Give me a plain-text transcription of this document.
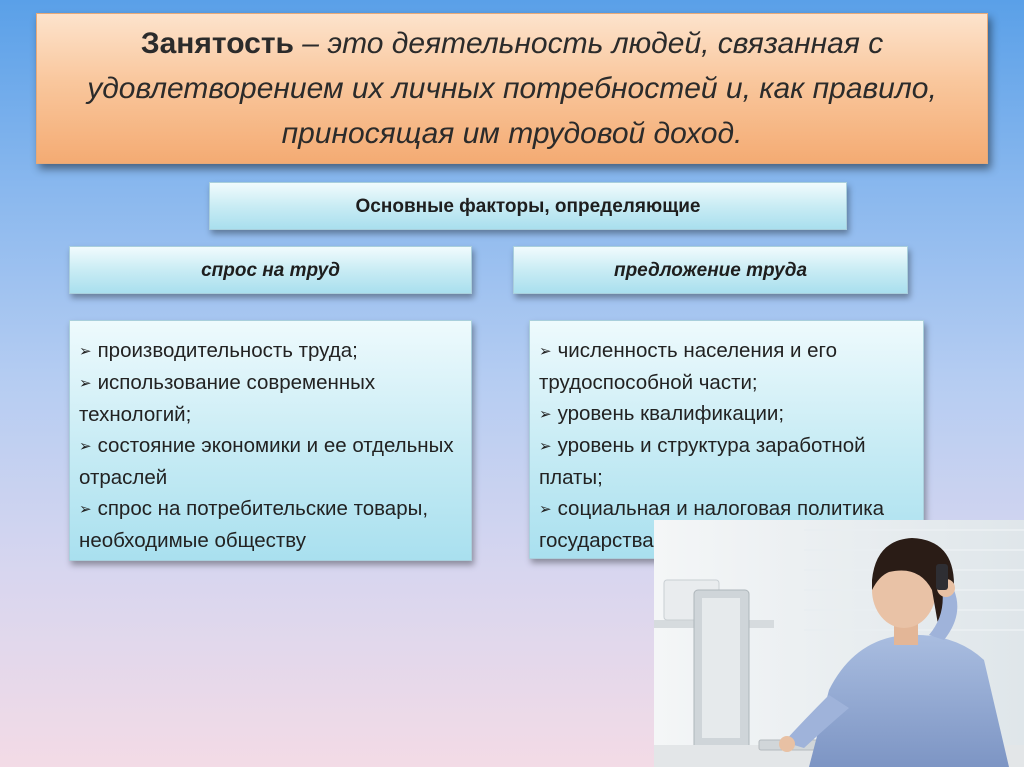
Занятость – это деятельность людей, связанная с удовлетворением их личных потребностей и, как правило, приносящая им трудовой доход.
Основные факторы, определяющие
спрос на труд	предложение труда

➢ производительность труда;

➢ использование современных технологий;

➢ состояние экономики и ее отдельных отраслей

➢ спрос на потребительские товары, необходимые обществу

➢ численность населения и его трудоспособной части;

➢ уровень квалификации;

➢ уровень и структура заработной платы;

➢ социальная и налоговая политика государства
